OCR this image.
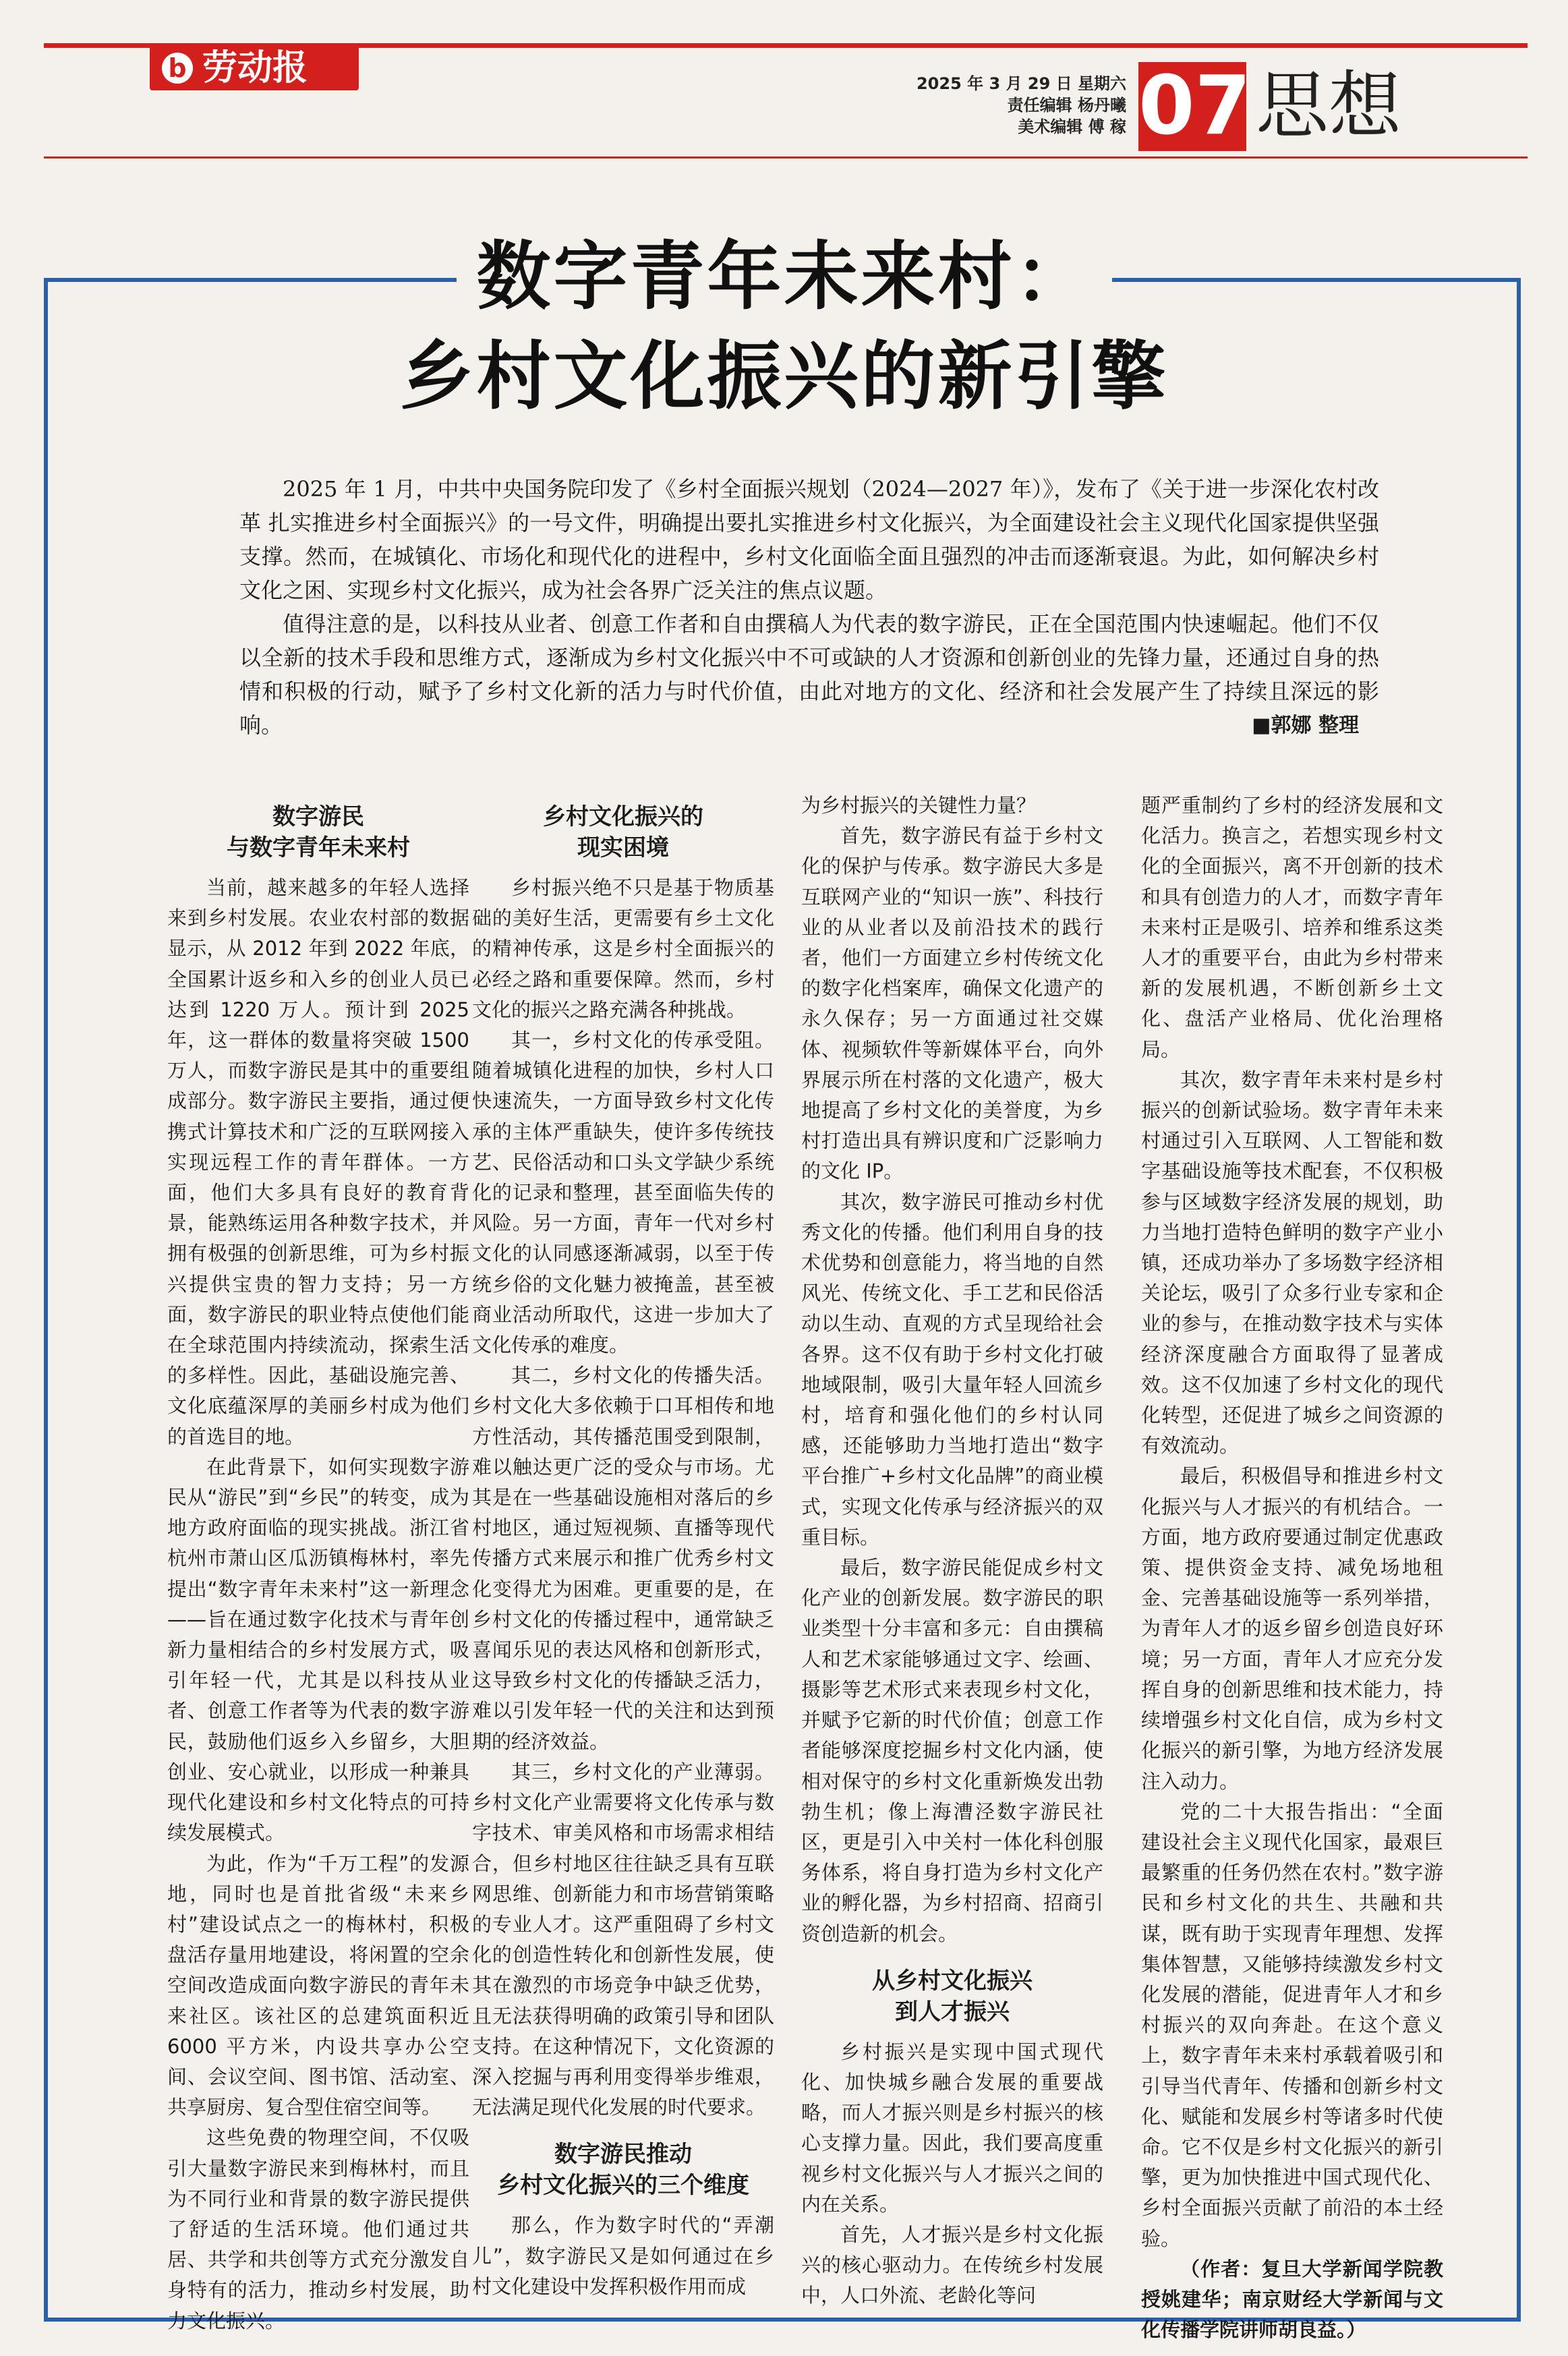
b 劳动报	2025 年 3 月 29 日 星期六
责任编辑 杨丹曦
美术编辑 傅 稼 07 思想
数字青年未来村：
乡村文化振兴的新引擎

2025 年 1 月，中共中央国务院印发了《乡村全面振兴规划（2024—2027 年）》，发布了《关于进一步深化农村改革 扎实推进乡村全面振兴》的一号文件，明确提出要扎实推进乡村文化振兴，为全面建设社会主义现代化国家提供坚强支撑。然而，在城镇化、市场化和现代化的进程中，乡村文化面临全面且强烈的冲击而逐渐衰退。为此，如何解决乡村文化之困、实现乡村文化振兴，成为社会各界广泛关注的焦点议题。

值得注意的是，以科技从业者、创意工作者和自由撰稿人为代表的数字游民，正在全国范围内快速崛起。他们不仅以全新的技术手段和思维方式，逐渐成为乡村文化振兴中不可或缺的人才资源和创新创业的先锋力量，还通过自身的热情和积极的行动，赋予了乡村文化新的活力与时代价值，由此对地方的文化、经济和社会发展产生了持续且深远的影响。	■郭娜 整理
数字游民
与数字青年未来村

当前，越来越多的年轻人选择来到乡村发展。农业农村部的数据显示，从 2012 年到 2022 年底，全国累计返乡和入乡的创业人员已达到 1220 万人。预计到 2025 年，这一群体的数量将突破 1500 万人，而数字游民是其中的重要组成部分。数字游民主要指，通过便携式计算技术和广泛的互联网接入实现远程工作的青年群体。一方面，他们大多具有良好的教育背景，能熟练运用各种数字技术，并拥有极强的创新思维，可为乡村振兴提供宝贵的智力支持；另一方面，数字游民的职业特点使他们能在全球范围内持续流动，探索生活的多样性。因此，基础设施完善、文化底蕴深厚的美丽乡村成为他们的首选目的地。

在此背景下，如何实现数字游民从“游民”到“乡民”的转变，成为地方政府面临的现实挑战。浙江省杭州市萧山区瓜沥镇梅林村，率先提出“数字青年未来村”这一新理念——旨在通过数字化技术与青年创新力量相结合的乡村发展方式，吸引年轻一代，尤其是以科技从业者、创意工作者等为代表的数字游民，鼓励他们返乡入乡留乡，大胆创业、安心就业，以形成一种兼具现代化建设和乡村文化特点的可持续发展模式。

为此，作为“千万工程”的发源地，同时也是首批省级“未来乡村”建设试点之一的梅林村，积极盘活存量用地建设，将闲置的空余空间改造成面向数字游民的青年未来社区。该社区的总建筑面积近 6000 平方米，内设共享办公空间、会议空间、图书馆、活动室、共享厨房、复合型住宿空间等。

这些免费的物理空间，不仅吸引大量数字游民来到梅林村，而且为不同行业和背景的数字游民提供了舒适的生活环境。他们通过共居、共学和共创等方式充分激发自身特有的活力，推动乡村发展，助力文化振兴。

乡村文化振兴的
现实困境

乡村振兴绝不只是基于物质基础的美好生活，更需要有乡土文化的精神传承，这是乡村全面振兴的必经之路和重要保障。然而，乡村文化的振兴之路充满各种挑战。

其一，乡村文化的传承受阻。随着城镇化进程的加快，乡村人口快速流失，一方面导致乡村文化传承的主体严重缺失，使许多传统技艺、民俗活动和口头文学缺少系统化的记录和整理，甚至面临失传的风险。另一方面，青年一代对乡村文化的认同感逐渐减弱，以至于传统乡俗的文化魅力被掩盖，甚至被商业活动所取代，这进一步加大了文化传承的难度。

其二，乡村文化的传播失活。乡村文化大多依赖于口耳相传和地方性活动，其传播范围受到限制，难以触达更广泛的受众与市场。尤其是在一些基础设施相对落后的乡村地区，通过短视频、直播等现代传播方式来展示和推广优秀乡村文化变得尤为困难。更重要的是，在乡村文化的传播过程中，通常缺乏喜闻乐见的表达风格和创新形式，这导致乡村文化的传播缺乏活力，难以引发年轻一代的关注和达到预期的经济效益。

其三，乡村文化的产业薄弱。乡村文化产业需要将文化传承与数字技术、审美风格和市场需求相结合，但乡村地区往往缺乏具有互联网思维、创新能力和市场营销策略的专业人才。这严重阻碍了乡村文化的创造性转化和创新性发展，使其在激烈的市场竞争中缺乏优势，且无法获得明确的政策引导和团队支持。在这种情况下，文化资源的深入挖掘与再利用变得举步维艰，无法满足现代化发展的时代要求。

数字游民推动
乡村文化振兴的三个维度

那么，作为数字时代的“弄潮儿”，数字游民又是如何通过在乡村文化建设中发挥积极作用而成

为乡村振兴的关键性力量？

首先，数字游民有益于乡村文化的保护与传承。数字游民大多是互联网产业的“知识一族”、科技行业的从业者以及前沿技术的践行者，他们一方面建立乡村传统文化的数字化档案库，确保文化遗产的永久保存；另一方面通过社交媒体、视频软件等新媒体平台，向外界展示所在村落的文化遗产，极大地提高了乡村文化的美誉度，为乡村打造出具有辨识度和广泛影响力的文化 IP。

其次，数字游民可推动乡村优秀文化的传播。他们利用自身的技术优势和创意能力，将当地的自然风光、传统文化、手工艺和民俗活动以生动、直观的方式呈现给社会各界。这不仅有助于乡村文化打破地域限制，吸引大量年轻人回流乡村，培育和强化他们的乡村认同感，还能够助力当地打造出“数字平台推广+乡村文化品牌”的商业模式，实现文化传承与经济振兴的双重目标。

最后，数字游民能促成乡村文化产业的创新发展。数字游民的职业类型十分丰富和多元：自由撰稿人和艺术家能够通过文字、绘画、摄影等艺术形式来表现乡村文化，并赋予它新的时代价值；创意工作者能够深度挖掘乡村文化内涵，使相对保守的乡村文化重新焕发出勃勃生机；像上海漕泾数字游民社区，更是引入中关村一体化科创服务体系，将自身打造为乡村文化产业的孵化器，为乡村招商、招商引资创造新的机会。

从乡村文化振兴
到人才振兴

乡村振兴是实现中国式现代化、加快城乡融合发展的重要战略，而人才振兴则是乡村振兴的核心支撑力量。因此，我们要高度重视乡村文化振兴与人才振兴之间的内在关系。

首先，人才振兴是乡村文化振兴的核心驱动力。在传统乡村发展中，人口外流、老龄化等问

题严重制约了乡村的经济发展和文化活力。换言之，若想实现乡村文化的全面振兴，离不开创新的技术和具有创造力的人才，而数字青年未来村正是吸引、培养和维系这类人才的重要平台，由此为乡村带来新的发展机遇，不断创新乡土文化、盘活产业格局、优化治理格局。

其次，数字青年未来村是乡村振兴的创新试验场。数字青年未来村通过引入互联网、人工智能和数字基础设施等技术配套，不仅积极参与区域数字经济发展的规划，助力当地打造特色鲜明的数字产业小镇，还成功举办了多场数字经济相关论坛，吸引了众多行业专家和企业的参与，在推动数字技术与实体经济深度融合方面取得了显著成效。这不仅加速了乡村文化的现代化转型，还促进了城乡之间资源的有效流动。

最后，积极倡导和推进乡村文化振兴与人才振兴的有机结合。一方面，地方政府要通过制定优惠政策、提供资金支持、减免场地租金、完善基础设施等一系列举措，为青年人才的返乡留乡创造良好环境；另一方面，青年人才应充分发挥自身的创新思维和技术能力，持续增强乡村文化自信，成为乡村文化振兴的新引擎，为地方经济发展注入动力。

党的二十大报告指出：“全面建设社会主义现代化国家，最艰巨最繁重的任务仍然在农村。”数字游民和乡村文化的共生、共融和共谋，既有助于实现青年理想、发挥集体智慧，又能够持续激发乡村文化发展的潜能，促进青年人才和乡村振兴的双向奔赴。在这个意义上，数字青年未来村承载着吸引和引导当代青年、传播和创新乡村文化、赋能和发展乡村等诸多时代使命。它不仅是乡村文化振兴的新引擎，更为加快推进中国式现代化、乡村全面振兴贡献了前沿的本土经验。

（作者：复旦大学新闻学院教授姚建华；南京财经大学新闻与文化传播学院讲师胡良益。）
